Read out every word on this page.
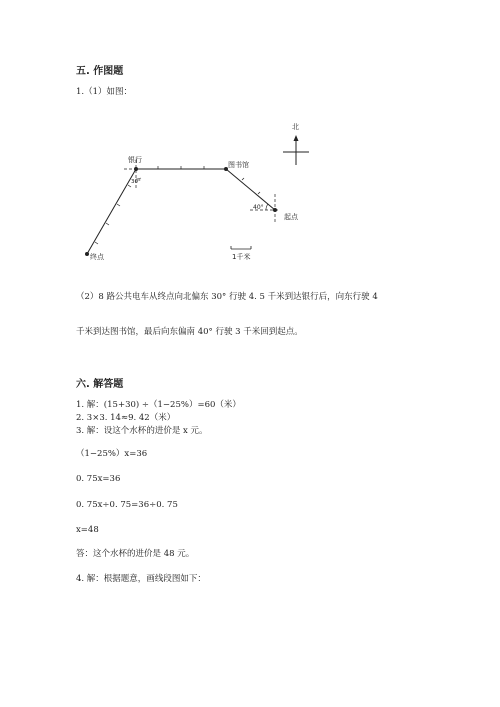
五. 作图题
1.（1）如图：
北
银行
图书馆
起点
终点
30°
40°
1千米
（2）8 路公共电车从终点向北偏东 30° 行驶 4. 5 千米到达银行后，向东行驶 4
千米到达图书馆，最后向东偏南 40° 行驶 3 千米回到起点。
六. 解答题
1. 解：(15+30) ÷（1−25%）=60（米）
2. 3×3. 14≈9. 42（米）
3. 解：设这个水杯的进价是 x 元。
（1−25%）x=36
0. 75x=36
0. 75x÷0. 75=36÷0. 75
x=48
答：这个水杯的进价是 48 元。
4. 解：根据题意，画线段图如下：
